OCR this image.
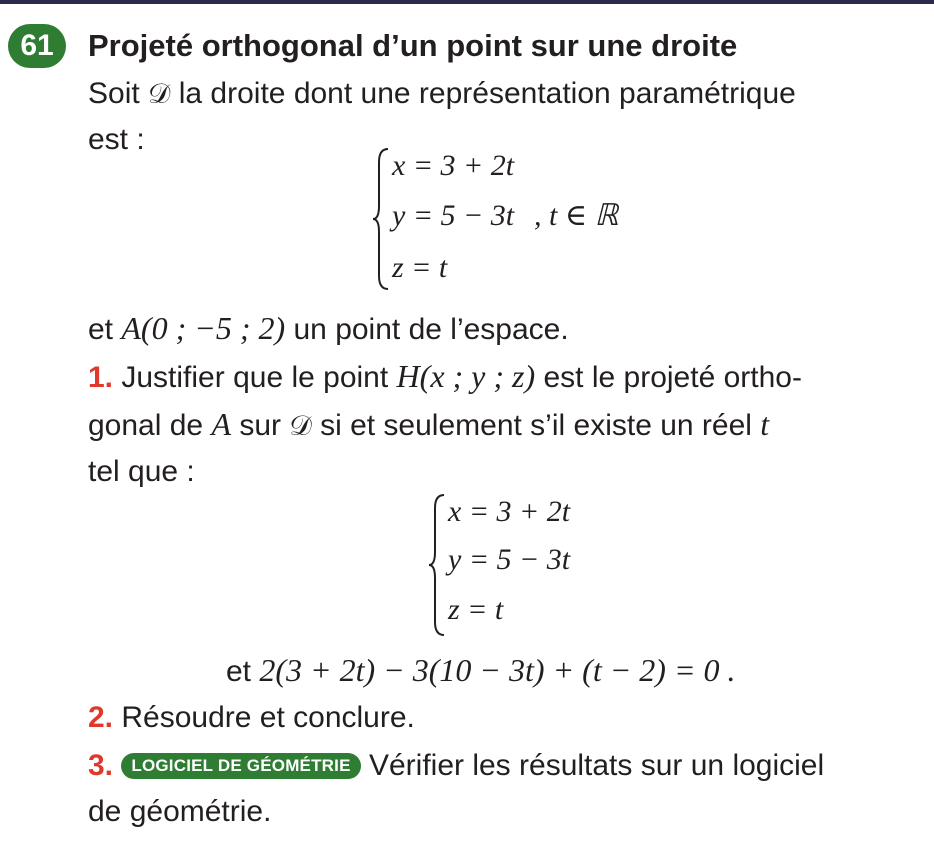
61	Projeté orthogonal d’un point sur une droite
Soit 𝒟 la droite dont une représentation paramétrique
est :
x = 3 + 2t
y = 5 − 3t
z = t
, t ∈ ℝ
et A(0 ; −5 ; 2) un point de l’espace.
1. Justifier que le point H(x ; y ; z) est le projeté ortho-
gonal de A sur 𝒟 si et seulement s’il existe un réel t
tel que :
x = 3 + 2t
y = 5 − 3t
z = t
et 2(3 + 2t) − 3(10 − 3t) + (t − 2) = 0 .
2. Résoudre et conclure.
3. LOGICIEL DE GÉOMÉTRIE Vérifier les résultats sur un logiciel
de géométrie.
